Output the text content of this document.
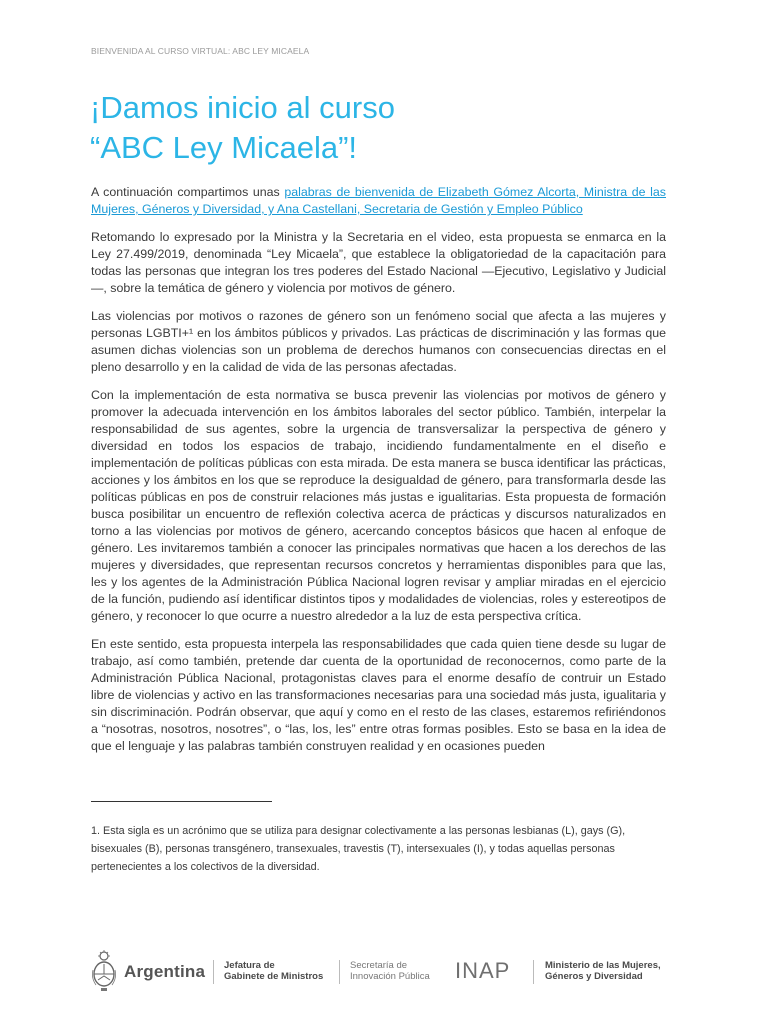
BIENVENIDA AL CURSO VIRTUAL: ABC LEY MICAELA
¡Damos inicio al curso
“ABC Ley Micaela”!

A continuación compartimos unas palabras de bienvenida de Elizabeth Gómez Alcorta, Ministra de las Mujeres, Géneros y Diversidad, y Ana Castellani, Secretaria de Gestión y Empleo Público

Retomando lo expresado por la Ministra y la Secretaria en el video, esta propuesta se enmarca en la Ley 27.499/2019, denominada “Ley Micaela”, que establece la obligatoriedad de la capacitación para todas las personas que integran los tres poderes del Estado Nacional —Ejecutivo, Legislativo y Judicial—, sobre la temática de género y violencia por motivos de género.

Las violencias por motivos o razones de género son un fenómeno social que afecta a las mujeres y personas LGBTI+¹ en los ámbitos públicos y privados. Las prácticas de discriminación y las formas que asumen dichas violencias son un problema de derechos humanos con consecuencias directas en el pleno desarrollo y en la calidad de vida de las personas afectadas.

Con la implementación de esta normativa se busca prevenir las violencias por motivos de género y promover la adecuada intervención en los ámbitos laborales del sector público. También, interpelar la responsabilidad de sus agentes, sobre la urgencia de transversalizar la perspectiva de género y diversidad en todos los espacios de trabajo, incidiendo fundamentalmente en el diseño e implementación de políticas públicas con esta mirada. De esta manera se busca identificar las prácticas, acciones y los ámbitos en los que se reproduce la desigualdad de género, para transformarla desde las políticas públicas en pos de construir relaciones más justas e igualitarias. Esta propuesta de formación busca posibilitar un encuentro de reflexión colectiva acerca de prácticas y discursos naturalizados en torno a las violencias por motivos de género, acercando conceptos básicos que hacen al enfoque de género. Les invitaremos también a conocer las principales normativas que hacen a los derechos de las mujeres y diversidades, que representan recursos concretos y herramientas disponibles para que las, les y los agentes de la Administración Pública Nacional logren revisar y ampliar miradas en el ejercicio de la función, pudiendo así identificar distintos tipos y modalidades de violencias, roles y estereotipos de género, y reconocer lo que ocurre a nuestro alrededor a la luz de esta perspectiva crítica.

En este sentido, esta propuesta interpela las responsabilidades que cada quien tiene desde su lugar de trabajo, así como también, pretende dar cuenta de la oportunidad de reconocernos, como parte de la Administración Pública Nacional, protagonistas claves para el enorme desafío de contruir un Estado libre de violencias y activo en las transformaciones necesarias para una sociedad más justa, igualitaria y sin discriminación. Podrán observar, que aquí y como en el resto de las clases, estaremos refiriéndonos a “nosotras, nosotros, nosotres”, o “las, los, les” entre otras formas posibles. Esto se basa en la idea de que el lenguaje y las palabras también construyen realidad y en ocasiones pueden

1. Esta sigla es un acrónimo que se utiliza para designar colectivamente a las personas lesbianas (L), gays (G), bisexuales (B), personas transgénero, transexuales, travestis (T), intersexuales (I), y todas aquellas personas pertenecientes a los colectivos de la diversidad.
Argentina Jefatura de
Gabinete de Ministros
Secretaría de
Innovación Pública INAP	Ministerio de las Mujeres,
Géneros y Diversidad
